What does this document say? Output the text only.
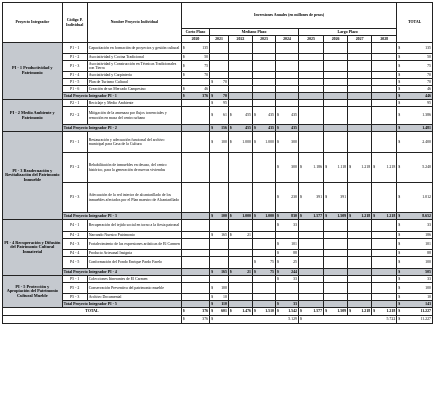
Proyecto Integrador	Código P. Individual	Nombre Proyecto Individual	Inversiones Anuales (en millones de pesos)									TOTAL
			Corto Plazo	Mediano Plazo				Largo Plazo				
			2020	2021	2022	2023	2024	2025	2026	2027	2028	
PI - 1 Productividad y Patrimonio	P1 - 1	Capacitación en formación de proyectos y gestión cultural	$ 135									$ 135

	P1 - 2	Asociatividad y Cocina Tradicional	$ 50									$ 50

	P1 - 3	Asociatividad y Construcción en Técnicas Tradicionales con Tierra	$ 75									$ 75

	P1 - 4	Asociatividad y Carpintería	$ 70									$ 70

	P1 - 5	Plan de Turismo Cultural		$ 70								$ 70

	P1 - 6	Creación de un Mercado Campesino	$ 46									$ 46

	Total Proyecto Integrador PI - 1		$ 376	$ 70								$ 446

PI - 2 Medio Ambiente y Patrimonio	P2 - 1	Reciclaje y Medio Ambiente		$ 95								$ 95

	P2 - 2	Mitigación de la amenaza por flujos torrenciales y remoción en masa del centro urbano		$ 61	$ 455	$ 435	$ 435					$ 1.386

	Total Proyecto Integrador PI - 2			$ 156	$ 455	$ 435	$ 435					$ 1.481

PI - 3 Readecuación y Revitalización del Patrimonio Inmueble	P3 - 1	Restauración y adecuación funcional del archivo municipal para Casa de la Cultura		$ 100	$ 1.000	$ 1.000	$ 300					$ 2.400

	P3 - 2	Rehabilitación de inmuebles en desuso, del centro histórico, para la generación de nuevas viviendas					$ 300	$ 1.186	$ 1.118	$ 1.218	$ 1.218	$ 5.240

	P3 - 3	Adecuación de la red interior de alcantarillado de los inmuebles afectados por el Plan maestro de Alcantarillado					$ 230	$ 391	$ 391			$ 1.012

	Total Proyecto Integrador PI - 3			$ 100	$ 1.000	$ 1.000	$ 830	$ 1.577	$ 1.509	$ 1.218	$ 1.218	$ 8.652

PI - 4 Recuperación y Difusión del Patrimonio Cultural Inmaterial	P4 - 1	Recuperación del tejido social en torno a la fiesta patronal					$ 33					$ 33

	P4 - 2	Narrando Nuestro Patrimonio		$ 165	$ 21							$ 186

	P4 - 3	Fortalecimiento de las expresiones artísticas de El Carmen					$ 101					$ 101

	P4 - 4	Producto Artesanal Insignia					$ 88					$ 88

	P4 - 5	Conformación del Fondo Enrique Pardo Farelo				$ 75	$ 25					$ 100

	Total Proyecto Integrador PI - 4			$ 165	$ 21	$ 75	$ 244					$ 505

PI - 5 Protección y Apropiación del Patrimonio Cultural Mueble	P5 - 1	Colecciones Itinerantes de El Carmen					$ 33					$ 33

	P5 - 2	Conservación Preventiva del patrimonio mueble		$ 100								$ 100

	P5 - 3	Archivo Documental		$ 10								$ 10

	Total Proyecto Integrador PI - 5			$ 110			$ 33					$ 143

TOTAL			$ 376	$ 601	$ 1.476	$ 1.510	$ 1.542	$ 1.577	$ 1.509	$ 1.218	$ 1.218	$ 11.227

			$ 376	$ 5.129				$ 5.722				$ 11.227
